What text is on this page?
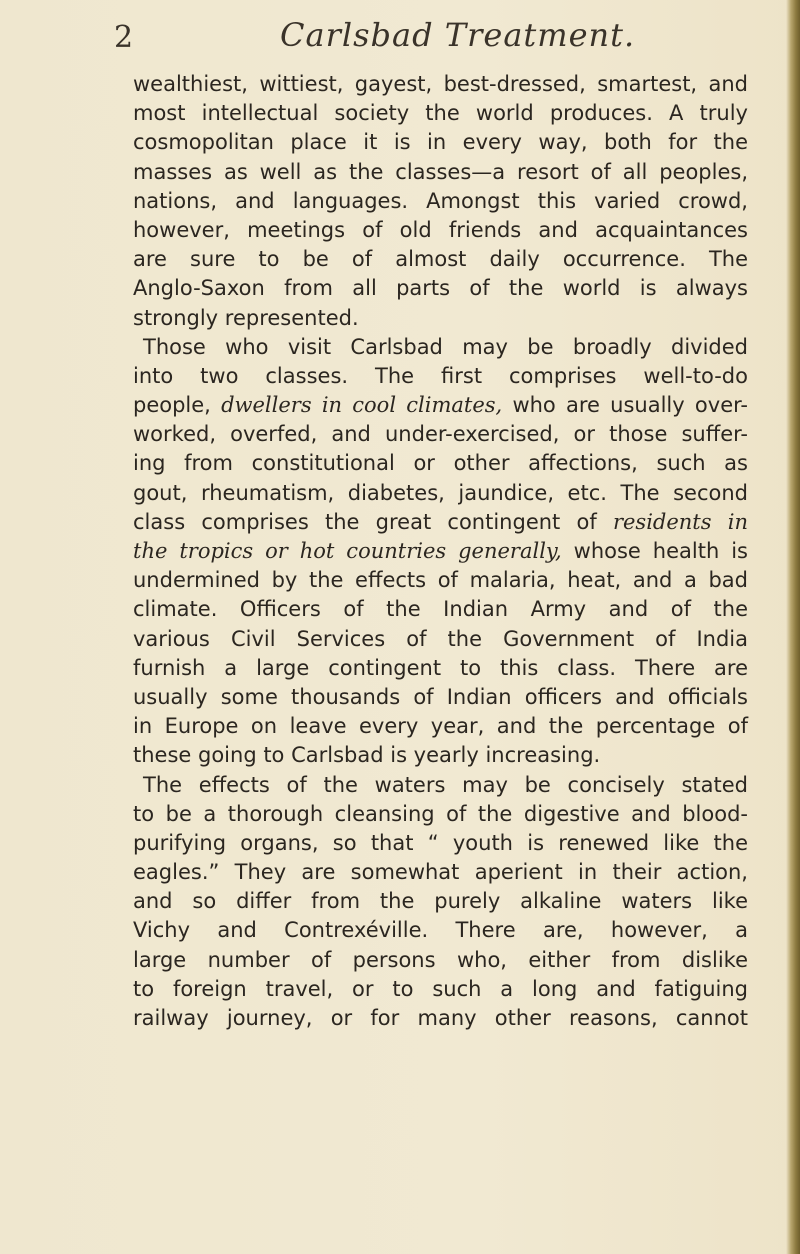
2	Carlsbad Treatment.
wealthiest, wittiest, gayest, best-dressed, smartest, and
most intellectual society the world produces. A truly
cosmopolitan place it is in every way, both for the
masses as well as the classes—a resort of all peoples,
nations, and languages. Amongst this varied crowd,
however, meetings of old friends and acquaintances
are sure to be of almost daily occurrence. The
Anglo-Saxon from all parts of the world is always
strongly represented.
Those who visit Carlsbad may be broadly divided
into two classes. The first comprises well-to-do
people, dwellers in cool climates, who are usually over-
worked, overfed, and under-exercised, or those suffer-
ing from constitutional or other affections, such as
gout, rheumatism, diabetes, jaundice, etc. The second
class comprises the great contingent of residents in
the tropics or hot countries generally, whose health is
undermined by the effects of malaria, heat, and a bad
climate. Officers of the Indian Army and of the
various Civil Services of the Government of India
furnish a large contingent to this class. There are
usually some thousands of Indian officers and officials
in Europe on leave every year, and the percentage of
these going to Carlsbad is yearly increasing.
The effects of the waters may be concisely stated
to be a thorough cleansing of the digestive and blood-
purifying organs, so that “ youth is renewed like the
eagles.” They are somewhat aperient in their action,
and so differ from the purely alkaline waters like
Vichy and Contrexéville. There are, however, a
large number of persons who, either from dislike
to foreign travel, or to such a long and fatiguing
railway journey, or for many other reasons, cannot
